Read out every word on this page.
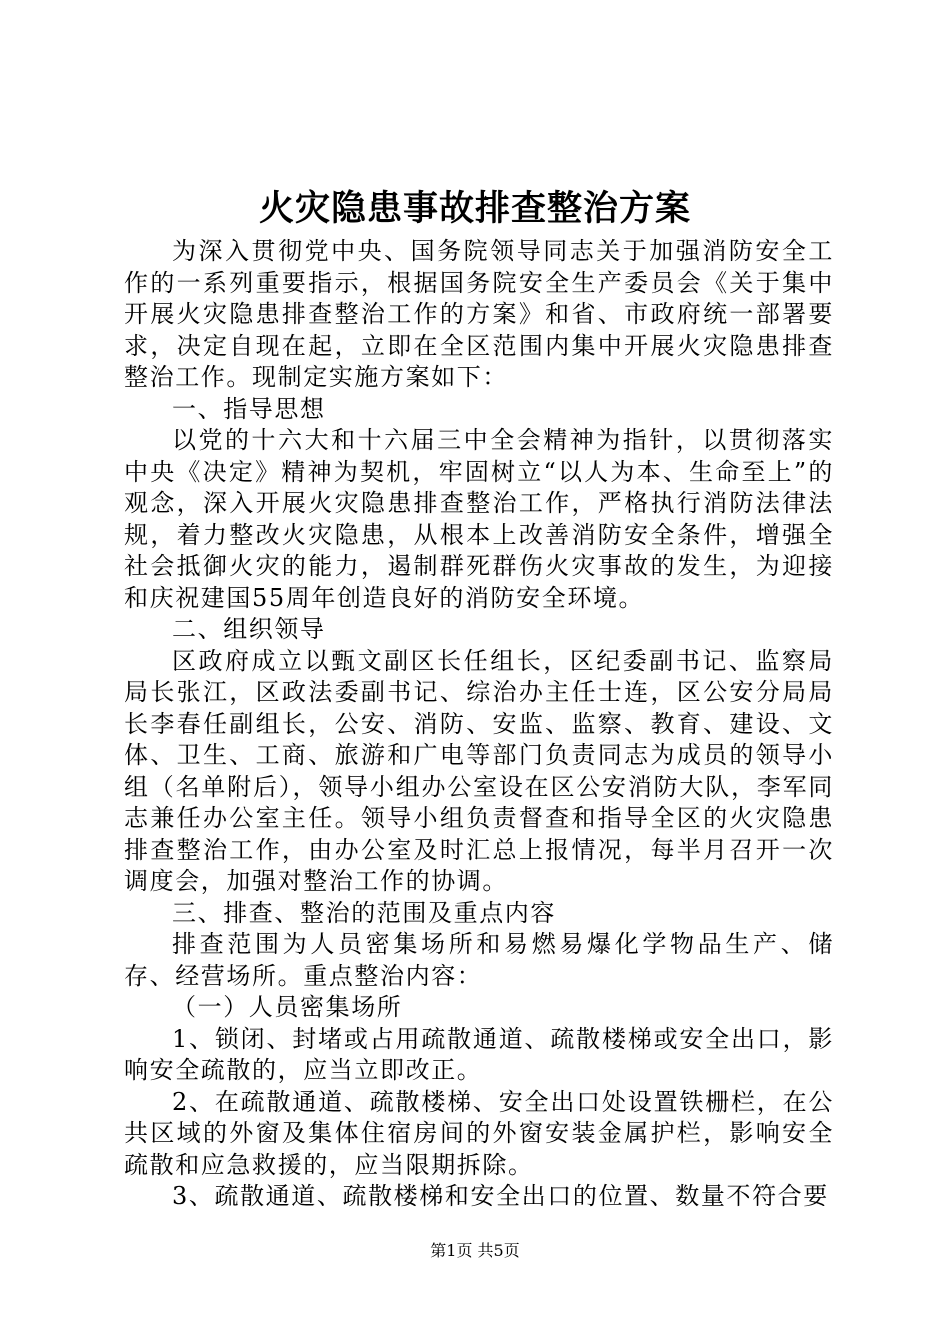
火灾隐患事故排查整治方案

为深入贯彻党中央、国务院领导同志关于加强消防安全工作的一系列重要指示，根据国务院安全生产委员会《关于集中开展火灾隐患排查整治工作的方案》和省、市政府统一部署要求，决定自现在起，立即在全区范围内集中开展火灾隐患排查整治工作。现制定实施方案如下：

一、指导思想

以党的十六大和十六届三中全会精神为指针，以贯彻落实中央《决定》精神为契机，牢固树立“以人为本、生命至上”的观念，深入开展火灾隐患排查整治工作，严格执行消防法律法规，着力整改火灾隐患，从根本上改善消防安全条件，增强全社会抵御火灾的能力，遏制群死群伤火灾事故的发生，为迎接和庆祝建国55周年创造良好的消防安全环境。

二、组织领导

区政府成立以甄文副区长任组长，区纪委副书记、监察局局长张江，区政法委副书记、综治办主任士连，区公安分局局长李春任副组长，公安、消防、安监、监察、教育、建设、文体、卫生、工商、旅游和广电等部门负责同志为成员的领导小组（名单附后），领导小组办公室设在区公安消防大队，李军同志兼任办公室主任。领导小组负责督查和指导全区的火灾隐患排查整治工作，由办公室及时汇总上报情况，每半月召开一次调度会，加强对整治工作的协调。

三、排查、整治的范围及重点内容

排查范围为人员密集场所和易燃易爆化学物品生产、储存、经营场所。重点整治内容：

（一）人员密集场所

1、锁闭、封堵或占用疏散通道、疏散楼梯或安全出口，影响安全疏散的，应当立即改正。

2、在疏散通道、疏散楼梯、安全出口处设置铁栅栏，在公共区域的外窗及集体住宿房间的外窗安装金属护栏，影响安全疏散和应急救援的，应当限期拆除。

3、疏散通道、疏散楼梯和安全出口的位置、数量不符合要

第1页 共5页
